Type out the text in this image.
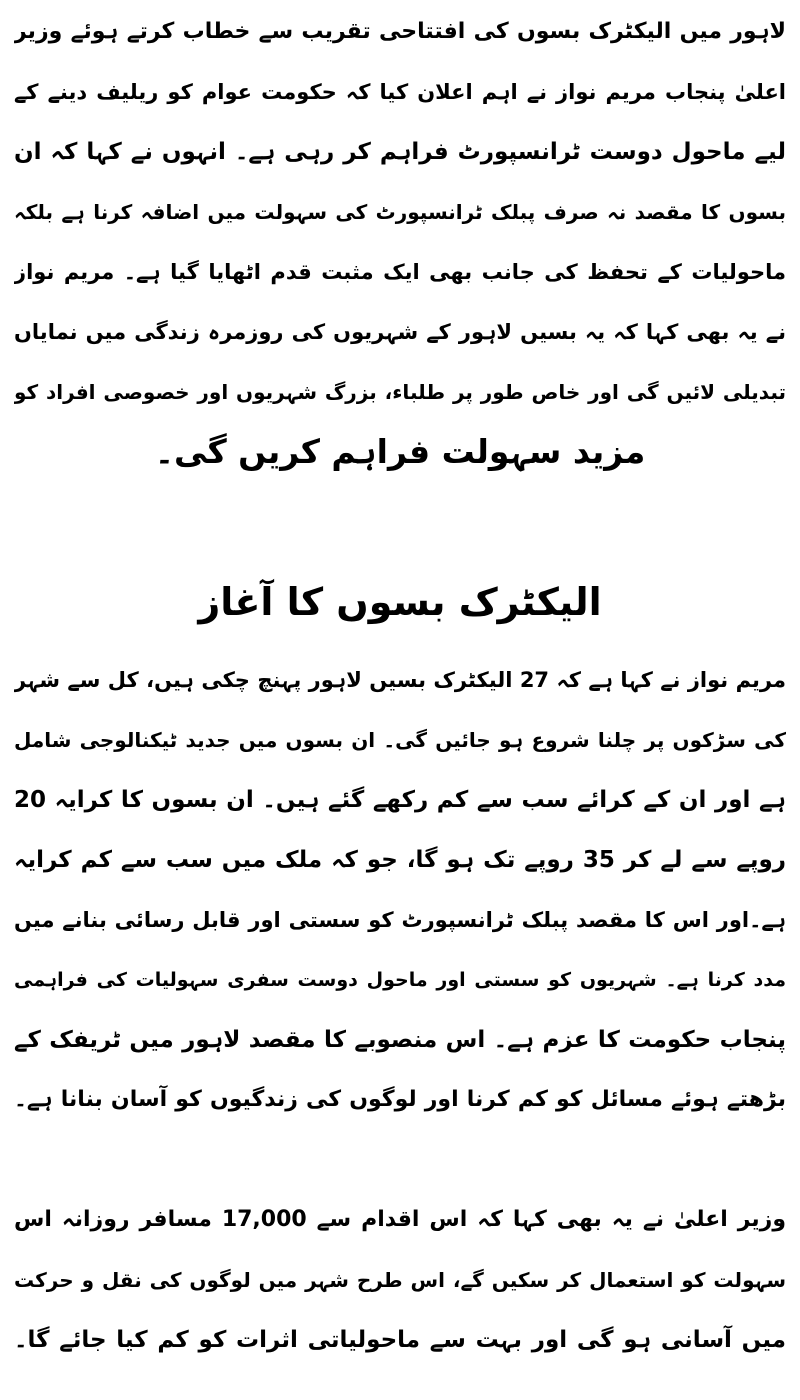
لاہور میں الیکٹرک بسوں کی افتتاحی تقریب سے خطاب کرتے ہوئے وزیر
اعلیٰ پنجاب مریم نواز نے اہم اعلان کیا کہ حکومت عوام کو ریلیف دینے کے
لیے ماحول دوست ٹرانسپورٹ فراہم کر رہی ہے۔ انہوں نے کہا کہ ان
بسوں کا مقصد نہ صرف پبلک ٹرانسپورٹ کی سہولت میں اضافہ کرنا ہے بلکہ
ماحولیات کے تحفظ کی جانب بھی ایک مثبت قدم اٹھایا گیا ہے۔ مریم نواز
نے یہ بھی کہا کہ یہ بسیں لاہور کے شہریوں کی روزمرہ زندگی میں نمایاں
تبدیلی لائیں گی اور خاص طور پر طلباء، بزرگ شہریوں اور خصوصی افراد کو
مزید سہولت فراہم کریں گی۔
الیکٹرک بسوں کا آغاز
مریم نواز نے کہا ہے کہ 27 الیکٹرک بسیں لاہور پہنچ چکی ہیں، کل سے شہر
کی سڑکوں پر چلنا شروع ہو جائیں گی۔ ان بسوں میں جدید ٹیکنالوجی شامل
ہے اور ان کے کرائے سب سے کم رکھے گئے ہیں۔ ان بسوں کا کرایہ 20
روپے سے لے کر 35 روپے تک ہو گا، جو کہ ملک میں سب سے کم کرایہ
ہے۔اور اس کا مقصد پبلک ٹرانسپورٹ کو سستی اور قابل رسائی بنانے میں
مدد کرنا ہے۔ شہریوں کو سستی اور ماحول دوست سفری سہولیات کی فراہمی
پنجاب حکومت کا عزم ہے۔ اس منصوبے کا مقصد لاہور میں ٹریفک کے
بڑھتے ہوئے مسائل کو کم کرنا اور لوگوں کی زندگیوں کو آسان بنانا ہے۔
وزیر اعلیٰ نے یہ بھی کہا کہ اس اقدام سے 17,000 مسافر روزانہ اس
سہولت کو استعمال کر سکیں گے، اس طرح شہر میں لوگوں کی نقل و حرکت
میں آسانی ہو گی اور بہت سے ماحولیاتی اثرات کو کم کیا جائے گا۔
